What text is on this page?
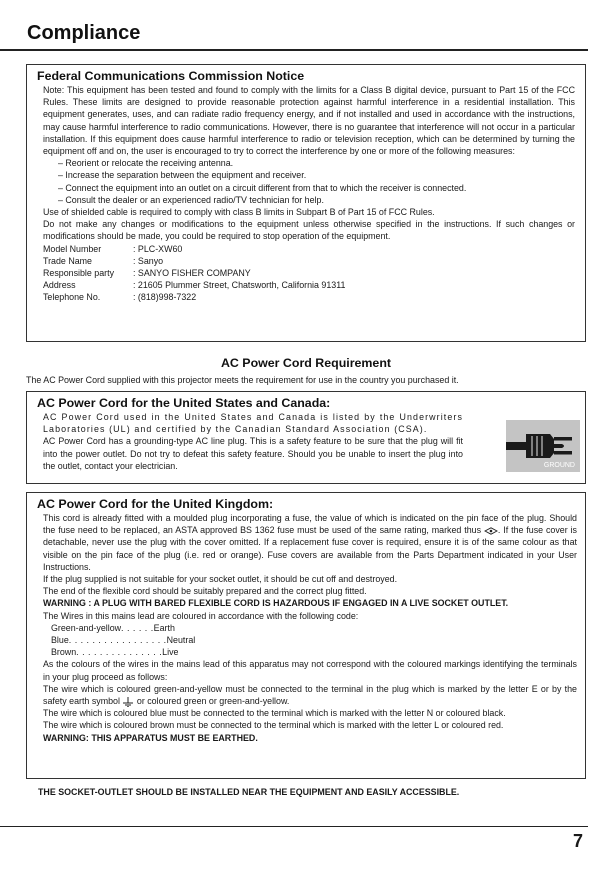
Compliance
Federal Communications Commission Notice
Note: This equipment has been tested and found to comply with the limits for a Class B digital device, pursuant to Part 15 of the FCC Rules. These limits are designed to provide reasonable protection against harmful interference in a residential installation. This equipment generates, uses, and can radiate radio frequency energy, and if not installed and used in accordance with the instructions, may cause harmful interference to radio communications. However, there is no guarantee that interference will not occur in a particular installation. If this equipment does cause harmful interference to radio or television reception, which can be determined by turning the equipment off and on, the user is encouraged to try to correct the interference by one or more of the following measures:
– Reorient or relocate the receiving antenna.
– Increase the separation between the equipment and receiver.
– Connect the equipment into an outlet on a circuit different from that to which the receiver is connected.
– Consult the dealer or an experienced radio/TV technician for help.
Use of shielded cable is required to comply with class B limits in Subpart B of Part 15 of FCC Rules.
Do not make any changes or modifications to the equipment unless otherwise specified in the instructions. If such changes or modifications should be made, you could be required to stop operation of the equipment.
Model Number	: PLC-XW60
Trade Name	: Sanyo
Responsible party	: SANYO FISHER COMPANY
Address	: 21605 Plummer Street, Chatsworth, California 91311
Telephone No.	: (818)998-7322
AC Power Cord Requirement
The AC Power Cord supplied with this projector meets the requirement for use in the country you purchased it.
AC Power Cord for the United States and Canada:
AC Power Cord used in the United States and Canada is listed by the Underwriters Laboratories (UL) and certified by the Canadian Standard Association (CSA).
AC Power Cord has a grounding-type AC line plug. This is a safety feature to be sure that the plug will fit into the power outlet. Do not try to defeat this safety feature. Should you be unable to insert the plug into the outlet, contact your electrician.	GROUND
AC Power Cord for the United Kingdom:
This cord is already fitted with a moulded plug incorporating a fuse, the value of which is indicated on the pin face of the plug. Should the fuse need to be replaced, an ASTA approved BS 1362 fuse must be used of the same rating, marked thus . If the fuse cover is detachable, never use the plug with the cover omitted. If a replacement fuse cover is required, ensure it is of the same colour as that visible on the pin face of the plug (i.e. red or orange). Fuse covers are available from the Parts Department indicated in your User Instructions.
If the plug supplied is not suitable for your socket outlet, it should be cut off and destroyed.
The end of the flexible cord should be suitably prepared and the correct plug fitted.
WARNING : A PLUG WITH BARED FLEXIBLE CORD IS HAZARDOUS IF ENGAGED IN A LIVE SOCKET OUTLET.
The Wires in this mains lead are coloured in accordance with the following code:
Green-and-yellow . . . . . . Earth
Blue . . . . . . . . . . . . . . . . . Neutral
Brown . . . . . . . . . . . . . . . Live
As the colours of the wires in the mains lead of this apparatus may not correspond with the coloured markings identifying the terminals in your plug proceed as follows:
The wire which is coloured green-and-yellow must be connected to the terminal in the plug which is marked by the letter E or by the safety earth symbol  or coloured green or green-and-yellow.
The wire which is coloured blue must be connected to the terminal which is marked with the letter N or coloured black.
The wire which is coloured brown must be connected to the terminal which is marked with the letter L or coloured red.
WARNING: THIS APPARATUS MUST BE EARTHED.
THE SOCKET-OUTLET SHOULD BE INSTALLED NEAR THE EQUIPMENT AND EASILY ACCESSIBLE.
7
